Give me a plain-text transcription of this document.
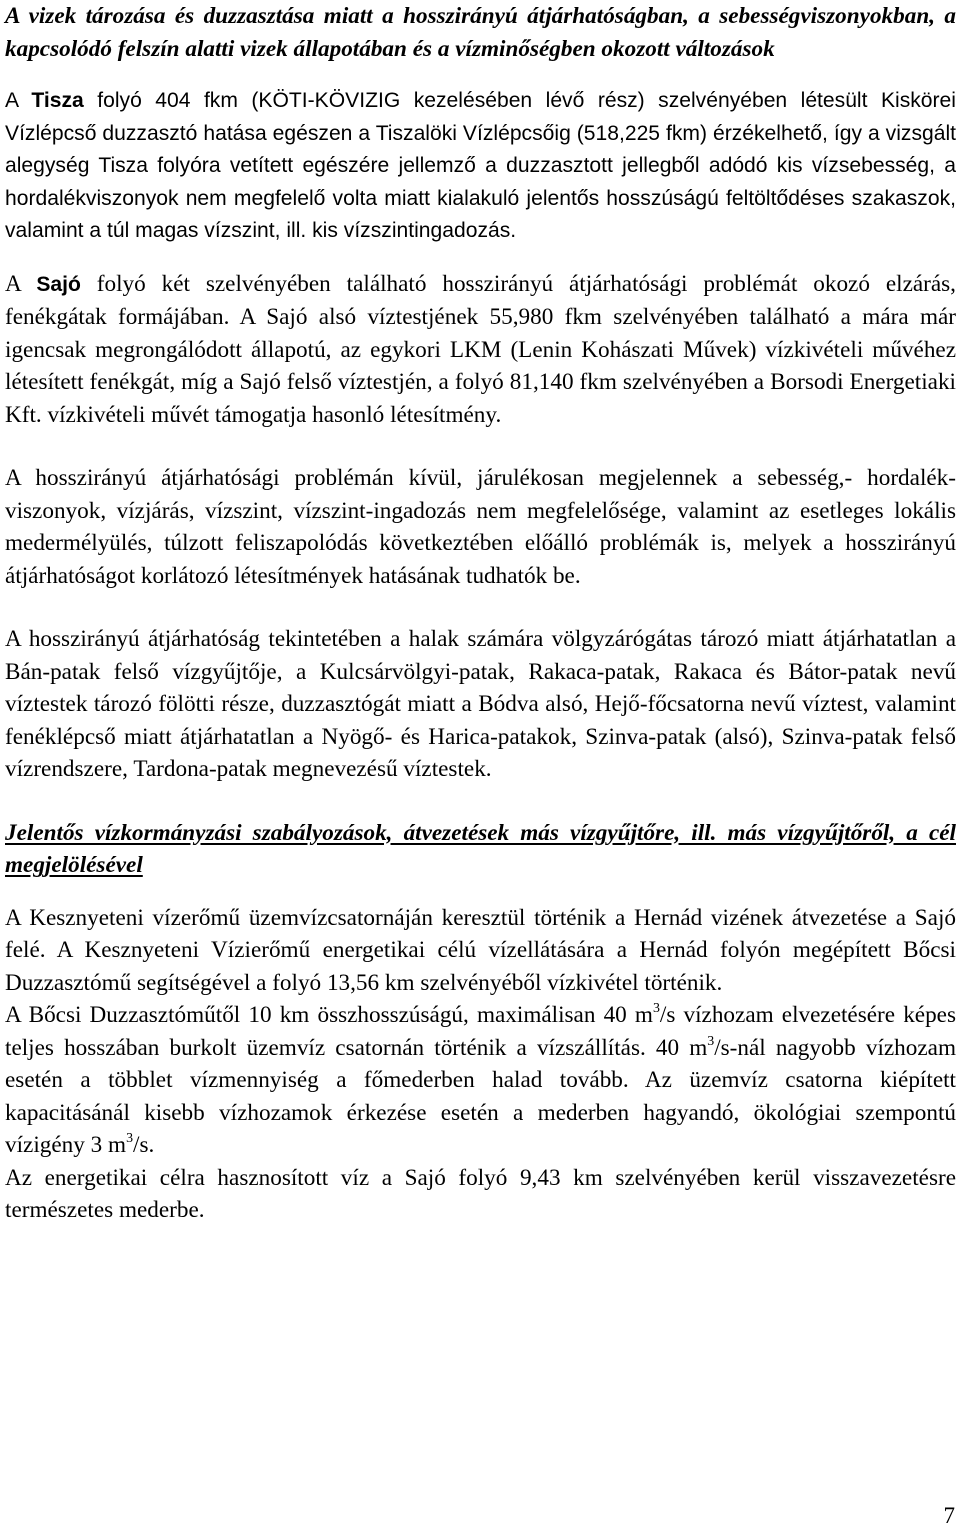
A vizek tározása és duzzasztása miatt a hosszirányú átjárhatóságban, a sebességviszonyokban, a kapcsolódó felszín alatti vizek állapotában és a vízminőségben okozott változások

A Tisza folyó 404 fkm (KÖTI-KÖVIZIG kezelésében lévő rész) szelvényében létesült Kiskörei Vízlépcső duzzasztó hatása egészen a Tiszalöki Vízlépcsőig (518,225 fkm) érzékelhető, így a vizsgált alegység Tisza folyóra vetített egészére jellemző a duzzasztott jellegből adódó kis vízsebesség, a hordalékviszonyok nem megfelelő volta miatt kialakuló jelentős hosszúságú feltöltődéses szakaszok, valamint a túl magas vízszint, ill. kis vízszintingadozás.

A Sajó folyó két szelvényében található hosszirányú átjárhatósági problémát okozó elzárás, fenékgátak formájában. A Sajó alsó víztestjének 55,980 fkm szelvényében található a mára már igencsak megrongálódott állapotú, az egykori LKM (Lenin Kohászati Művek) vízkivételi művéhez létesített fenékgát, míg a Sajó felső víztestjén, a folyó 81,140 fkm szelvényében a Borsodi Energetiaki Kft. vízkivételi művét támogatja hasonló létesítmény.

A hosszirányú átjárhatósági problémán kívül, járulékosan megjelennek a sebesség,- hordalék-viszonyok, vízjárás, vízszint, vízszint-ingadozás nem megfelelősége, valamint az esetleges lokális medermélyülés, túlzott feliszapolódás következtében előálló problémák is, melyek a hosszirányú átjárhatóságot korlátozó létesítmények hatásának tudhatók be.

A hosszirányú átjárhatóság tekintetében a halak számára völgyzárógátas tározó miatt átjárhatatlan a Bán-patak felső vízgyűjtője, a Kulcsárvölgyi-patak, Rakaca-patak, Rakaca és Bátor-patak nevű víztestek tározó fölötti része, duzzasztógát miatt a Bódva alsó, Hejő-főcsatorna nevű víztest, valamint fenéklépcső miatt átjárhatatlan a Nyögő- és Harica-patakok, Szinva-patak (alsó), Szinva-patak felső vízrendszere, Tardona-patak megnevezésű víztestek.

Jelentős vízkormányzási szabályozások, átvezetések más vízgyűjtőre, ill. más vízgyűjtőről, a cél megjelölésével

A Kesznyeteni vízerőmű üzemvízcsatornáján keresztül történik a Hernád vizének átvezetése a Sajó felé. A Kesznyeteni Vízierőmű energetikai célú vízellátására a Hernád folyón megépített Bőcsi Duzzasztómű segítségével a folyó 13,56 km szelvényéből vízkivétel történik.

A Bőcsi Duzzasztóműtől 10 km összhosszúságú, maximálisan 40 $m^3/s$ vízhozam elvezetésére képes teljes hosszában burkolt üzemvíz csatornán történik a vízszállítás. 40 $m^3/s$-nál nagyobb vízhozam esetén a többlet vízmennyiség a főmederben halad tovább. Az üzemvíz csatorna kiépített kapacitásánál kisebb vízhozamok érkezése esetén a mederben hagyandó, ökológiai szempontú vízigény 3 $m^3/s$.

Az energetikai célra hasznosított víz a Sajó folyó 9,43 km szelvényében kerül visszavezetésre természetes mederbe.

7
